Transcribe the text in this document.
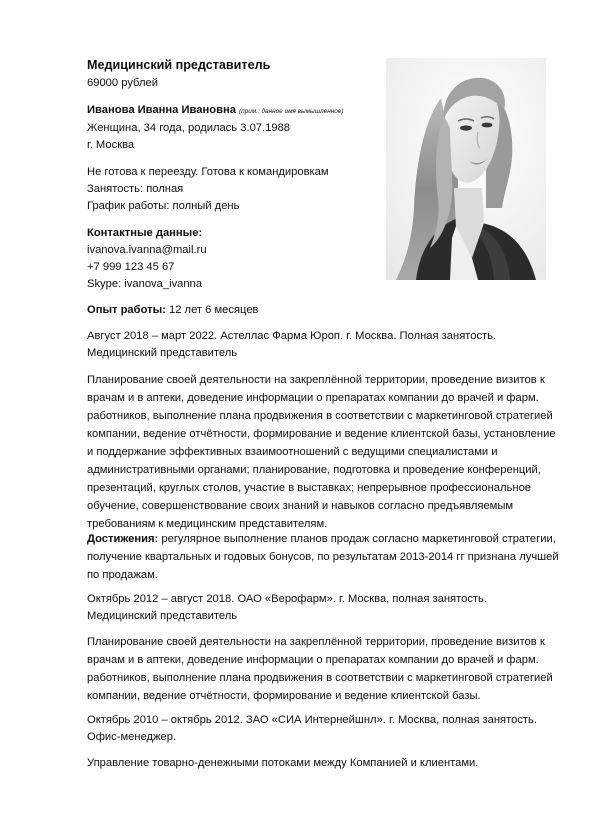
Медицинский представитель
69000 рублей
Иванова Иванна Ивановна (прим.: данное имя вымышленное)
Женщина, 34 года, родилась 3.07.1988
г. Москва
Не готова к переезду. Готова к командировкам
Занятость: полная
График работы: полный день
Контактные данные:
ivanova.ivanna@mail.ru
+7 999 123 45 67
Skype: ivanova_ivanna
Опыт работы: 12 лет 6 месяцев
Август 2018 – март 2022. Астеллас Фарма Юроп. г. Москва. Полная занятость.
Медицинский представитель
Планирование своей деятельности на закреплённой территории, проведение визитов к
врачам и в аптеки, доведение информации о препаратах компании до врачей и фарм.
работников, выполнение плана продвижения в соответствии с маркетинговой стратегией
компании, ведение отчётности, формирование и ведение клиентской базы, установление
и поддержание эффективных взаимоотношений с ведущими специалистами и
административными органами; планирование, подготовка и проведение конференций,
презентаций, круглых столов, участие в выставках; непрерывное профессиональное
обучение, совершенствование своих знаний и навыков согласно предъявляемым
требованиям к медицинским представителям.
Достижения: регулярное выполнение планов продаж согласно маркетинговой стратегии,
получение квартальных и годовых бонусов, по результатам 2013-2014 гг признана лучшей
по продажам.
Октябрь 2012 – август 2018. ОАО «Верофарм». г. Москва, полная занятость.
Медицинский представитель
Планирование своей деятельности на закреплённой территории, проведение визитов к
врачам и в аптеки, доведение информации о препаратах компании до врачей и фарм.
работников, выполнение плана продвижения в соответствии с маркетинговой стратегией
компании, ведение отчётности, формирование и ведение клиентской базы.
Октябрь 2010 – октябрь 2012. ЗАО «СИА Интернейшнл». г. Москва, полная занятость.
Офис-менеджер.
Управление товарно-денежными потоками между Компанией и клиентами.
